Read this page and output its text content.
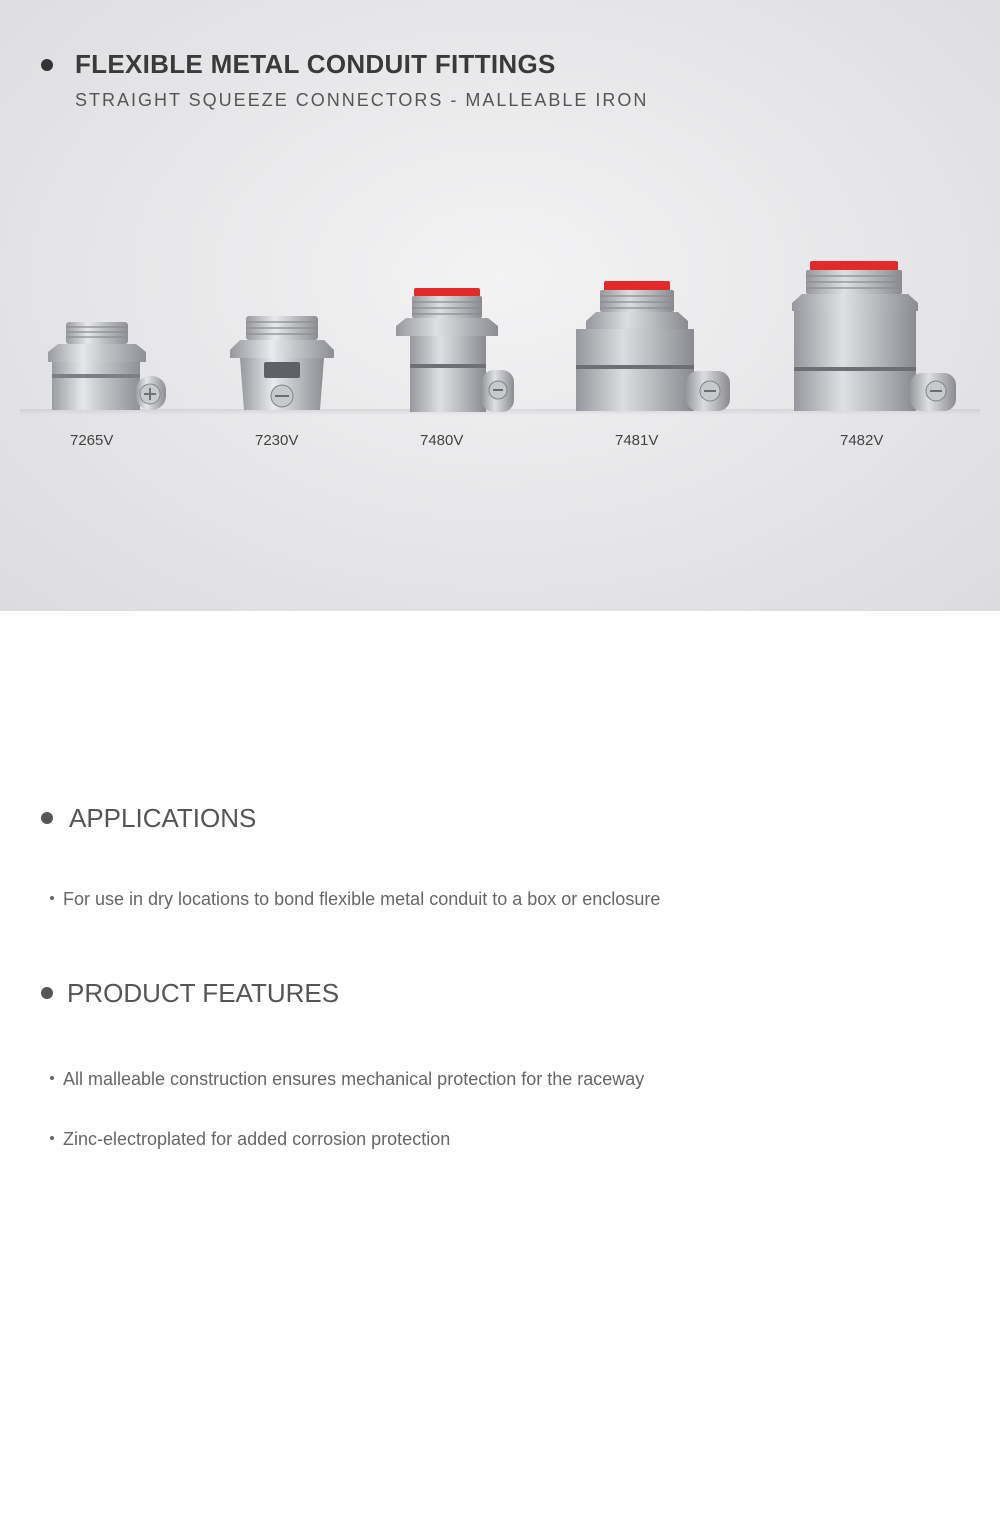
FLEXIBLE METAL CONDUIT FITTINGS
STRAIGHT SQUEEZE CONNECTORS - MALLEABLE IRON
7265V	7230V	7480V	7481V	7482V
APPLICATIONS
For use in dry locations to bond flexible metal conduit to a box or enclosure
PRODUCT FEATURES
All malleable construction ensures mechanical protection for the raceway
Zinc-electroplated for added corrosion protection
